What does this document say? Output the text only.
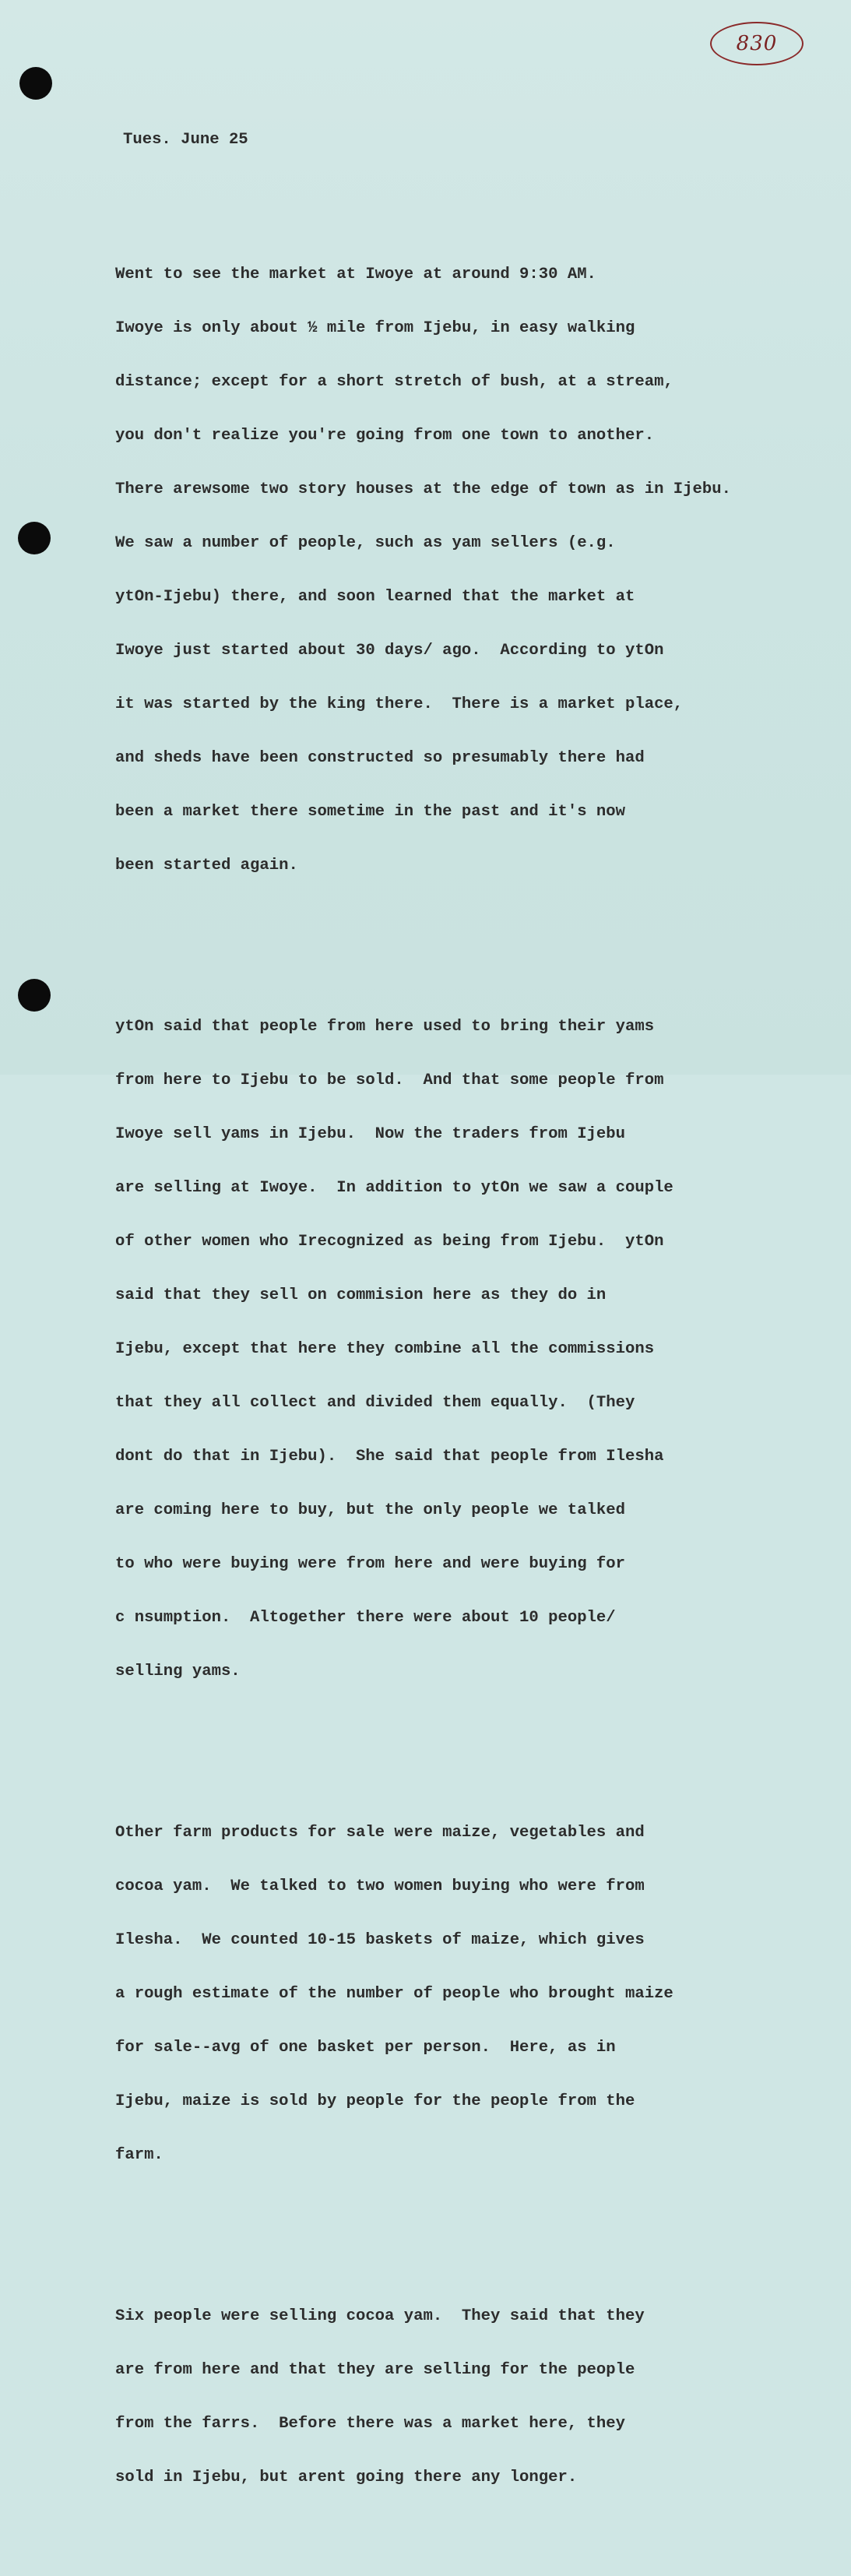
830

Tues. June 25

Went to see the market at Iwoye at around 9:30 AM.

Iwoye is only about ½ mile from Ijebu, in easy walking

distance; except for a short stretch of bush, at a stream,

you don't realize you're going from one town to another.

There arewsome two story houses at the edge of town as in Ijebu.

We saw a number of people, such as yam sellers (e.g.

ytOn-Ijebu) there, and soon learned that the market at

Iwoye just started about 30 days/ ago.  According to ytOn

it was started by the king there.  There is a market place,

and sheds have been constructed so presumably there had

been a market there sometime in the past and it's now

been started again.

ytOn said that people from here used to bring their yams

from here to Ijebu to be sold.  And that some people from

Iwoye sell yams in Ijebu.  Now the traders from Ijebu

are selling at Iwoye.  In addition to ytOn we saw a couple

of other women who Irecognized as being from Ijebu.  ytOn

said that they sell on commision here as they do in

Ijebu, except that here they combine all the commissions

that they all collect and divided them equally.  (They

dont do that in Ijebu).  She said that people from Ilesha

are coming here to buy, but the only people we talked

to who were buying were from here and were buying for

c nsumption.  Altogether there were about 10 people/

selling yams.

Other farm products for sale were maize, vegetables and

cocoa yam.  We talked to two women buying who were from

Ilesha.  We counted 10-15 baskets of maize, which gives

a rough estimate of the number of people who brought maize

for sale--avg of one basket per person.  Here, as in

Ijebu, maize is sold by people for the people from the

farm.

Six people were selling cocoa yam.  They said that they

are from here and that they are selling for the people

from the farrs.  Before there was a market here, they

sold in Ijebu, but arent going there any longer.
